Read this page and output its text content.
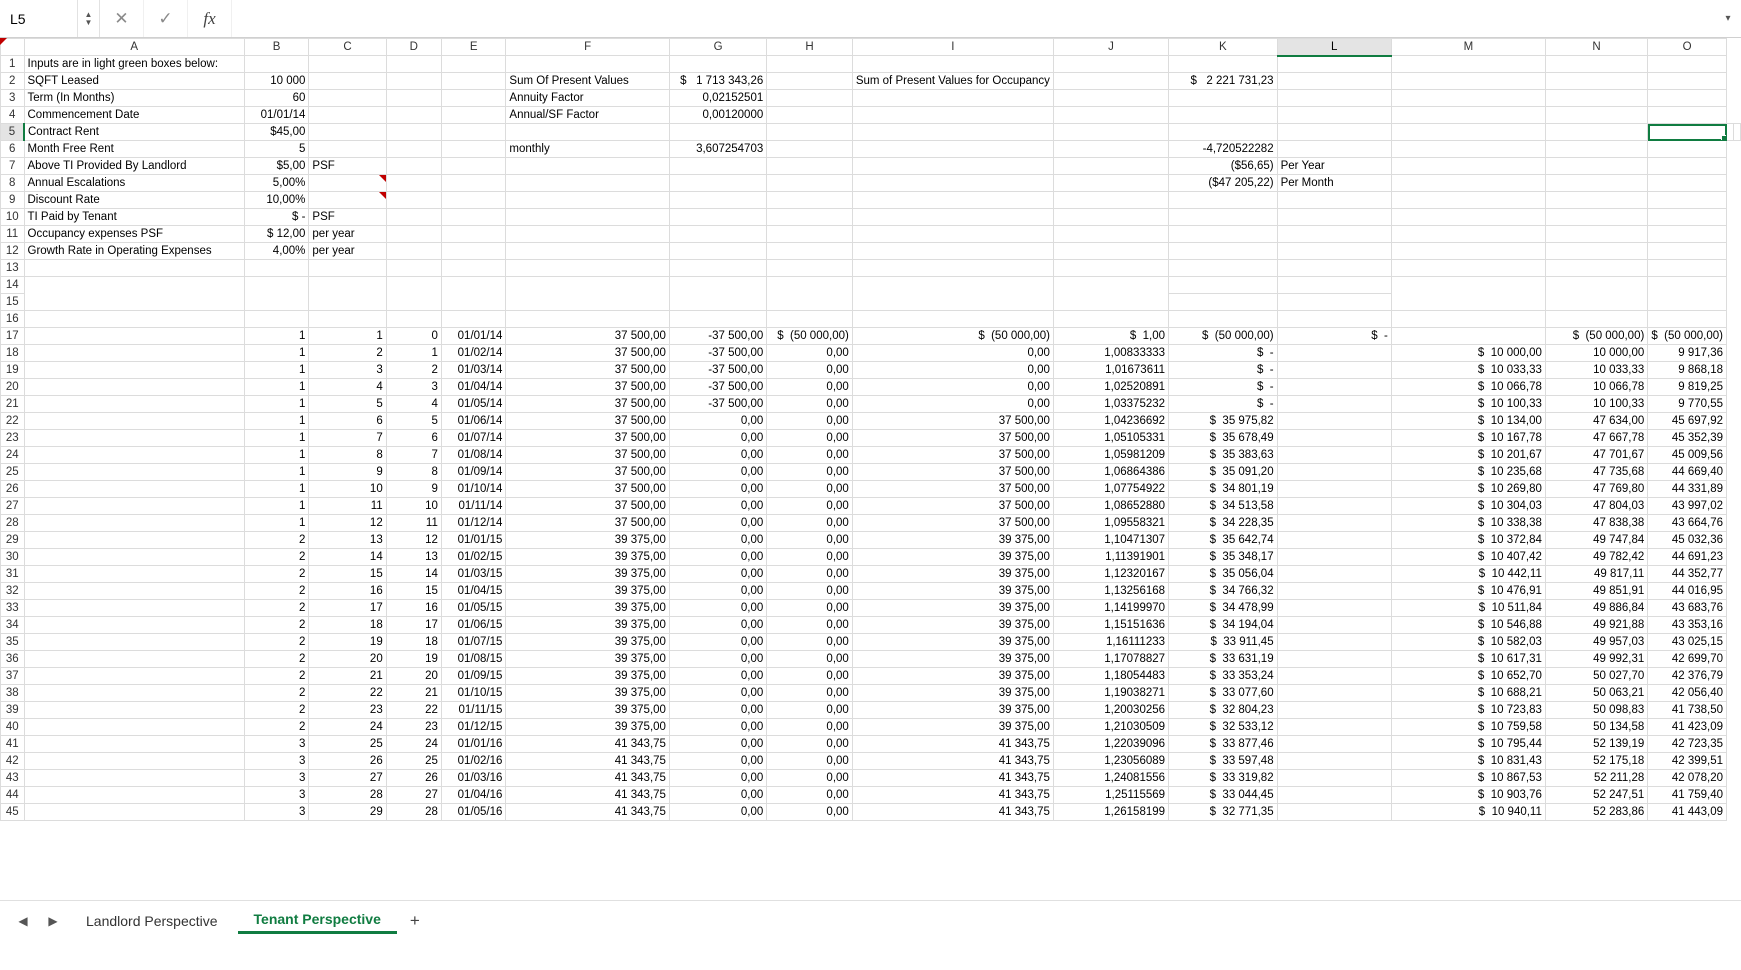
L5	▲
▼	✕	✓	fx	▾
	A	B	C	D	E	F	G	H	I	J	K	L	M	N	O		
1	Inputs are in light green boxes below:																
2	SQFT Leased	10 000				Sum Of Present Values	$   1 713 343,26		Sum of Present Values for Occupancy		$   2 221 731,23						
3	Term (In Months)	60				Annuity Factor	0,02152501										
4	Commencement Date	01/01/14				Annual/SF Factor	0,00120000										
5	Contract Rent	$45,00															
6	Month Free Rent	5				monthly	3,607254703				-4,720522282						
7	Above TI Provided By Landlord	$5,00	PSF			EFFECTIVE RENT PSF	$43,29		Level Annuity Cost to Occupy PSF		($56,65)	Per Year					
8	Annual Escalations	5,00%				EFFECTIVE RENT MONTHLY	$36 075,00		Level Annuity Cost to Occupy		($47 205,22)	Per Month					
9	Discount Rate	10,00%															
10	TI Paid by Tenant	$ -	PSF														
11	Occupancy expenses PSF	$ 12,00	per year														
12	Growth Rate in Operating Expenses	4,00%	per year														
13																	
14	Year	Month	Period Timing	Date	Rent	Rent Discount	Above TI	Cash Flow	NPV Factor	Net Present Value	Tenant Adjustments	Tenant Paid	Tenant Cash Flow to Occupy	Net Present Value			
15											Tenant Paid TI	Operating Expenses					
16																	
17		1	1	0	01/01/14	37 500,00	-37 500,00	$  (50 000,00)	$  (50 000,00)	$  1,00	$  (50 000,00)	$  -		$  (50 000,00)	$  (50 000,00)		
18		1	2	1	01/02/14	37 500,00	-37 500,00	0,00	0,00	1,00833333	$  -		$  10 000,00	10 000,00	9 917,36		
19		1	3	2	01/03/14	37 500,00	-37 500,00	0,00	0,00	1,01673611	$  -		$  10 033,33	10 033,33	9 868,18		
20		1	4	3	01/04/14	37 500,00	-37 500,00	0,00	0,00	1,02520891	$  -		$  10 066,78	10 066,78	9 819,25		
21		1	5	4	01/05/14	37 500,00	-37 500,00	0,00	0,00	1,03375232	$  -		$  10 100,33	10 100,33	9 770,55		
22		1	6	5	01/06/14	37 500,00	0,00	0,00	37 500,00	1,04236692	$  35 975,82		$  10 134,00	47 634,00	45 697,92		
23		1	7	6	01/07/14	37 500,00	0,00	0,00	37 500,00	1,05105331	$  35 678,49		$  10 167,78	47 667,78	45 352,39		
24		1	8	7	01/08/14	37 500,00	0,00	0,00	37 500,00	1,05981209	$  35 383,63		$  10 201,67	47 701,67	45 009,56		
25		1	9	8	01/09/14	37 500,00	0,00	0,00	37 500,00	1,06864386	$  35 091,20		$  10 235,68	47 735,68	44 669,40		
26		1	10	9	01/10/14	37 500,00	0,00	0,00	37 500,00	1,07754922	$  34 801,19		$  10 269,80	47 769,80	44 331,89		
27		1	11	10	01/11/14	37 500,00	0,00	0,00	37 500,00	1,08652880	$  34 513,58		$  10 304,03	47 804,03	43 997,02		
28		1	12	11	01/12/14	37 500,00	0,00	0,00	37 500,00	1,09558321	$  34 228,35		$  10 338,38	47 838,38	43 664,76		
29		2	13	12	01/01/15	39 375,00	0,00	0,00	39 375,00	1,10471307	$  35 642,74		$  10 372,84	49 747,84	45 032,36		
30		2	14	13	01/02/15	39 375,00	0,00	0,00	39 375,00	1,11391901	$  35 348,17		$  10 407,42	49 782,42	44 691,23		
31		2	15	14	01/03/15	39 375,00	0,00	0,00	39 375,00	1,12320167	$  35 056,04		$  10 442,11	49 817,11	44 352,77		
32		2	16	15	01/04/15	39 375,00	0,00	0,00	39 375,00	1,13256168	$  34 766,32		$  10 476,91	49 851,91	44 016,95		
33		2	17	16	01/05/15	39 375,00	0,00	0,00	39 375,00	1,14199970	$  34 478,99		$  10 511,84	49 886,84	43 683,76		
34		2	18	17	01/06/15	39 375,00	0,00	0,00	39 375,00	1,15151636	$  34 194,04		$  10 546,88	49 921,88	43 353,16		
35		2	19	18	01/07/15	39 375,00	0,00	0,00	39 375,00	1,16111233	$  33 911,45		$  10 582,03	49 957,03	43 025,15		
36		2	20	19	01/08/15	39 375,00	0,00	0,00	39 375,00	1,17078827	$  33 631,19		$  10 617,31	49 992,31	42 699,70		
37		2	21	20	01/09/15	39 375,00	0,00	0,00	39 375,00	1,18054483	$  33 353,24		$  10 652,70	50 027,70	42 376,79		
38		2	22	21	01/10/15	39 375,00	0,00	0,00	39 375,00	1,19038271	$  33 077,60		$  10 688,21	50 063,21	42 056,40		
39		2	23	22	01/11/15	39 375,00	0,00	0,00	39 375,00	1,20030256	$  32 804,23		$  10 723,83	50 098,83	41 738,50		
40		2	24	23	01/12/15	39 375,00	0,00	0,00	39 375,00	1,21030509	$  32 533,12		$  10 759,58	50 134,58	41 423,09		
41		3	25	24	01/01/16	41 343,75	0,00	0,00	41 343,75	1,22039096	$  33 877,46		$  10 795,44	52 139,19	42 723,35		
42		3	26	25	01/02/16	41 343,75	0,00	0,00	41 343,75	1,23056089	$  33 597,48		$  10 831,43	52 175,18	42 399,51		
43		3	27	26	01/03/16	41 343,75	0,00	0,00	41 343,75	1,24081556	$  33 319,82		$  10 867,53	52 211,28	42 078,20		
44		3	28	27	01/04/16	41 343,75	0,00	0,00	41 343,75	1,25115569	$  33 044,45		$  10 903,76	52 247,51	41 759,40		
45		3	29	28	01/05/16	41 343,75	0,00	0,00	41 343,75	1,26158199	$  32 771,35		$  10 940,11	52 283,86	41 443,09		
◀	▶	Landlord Perspective	Tenant Perspective	+
